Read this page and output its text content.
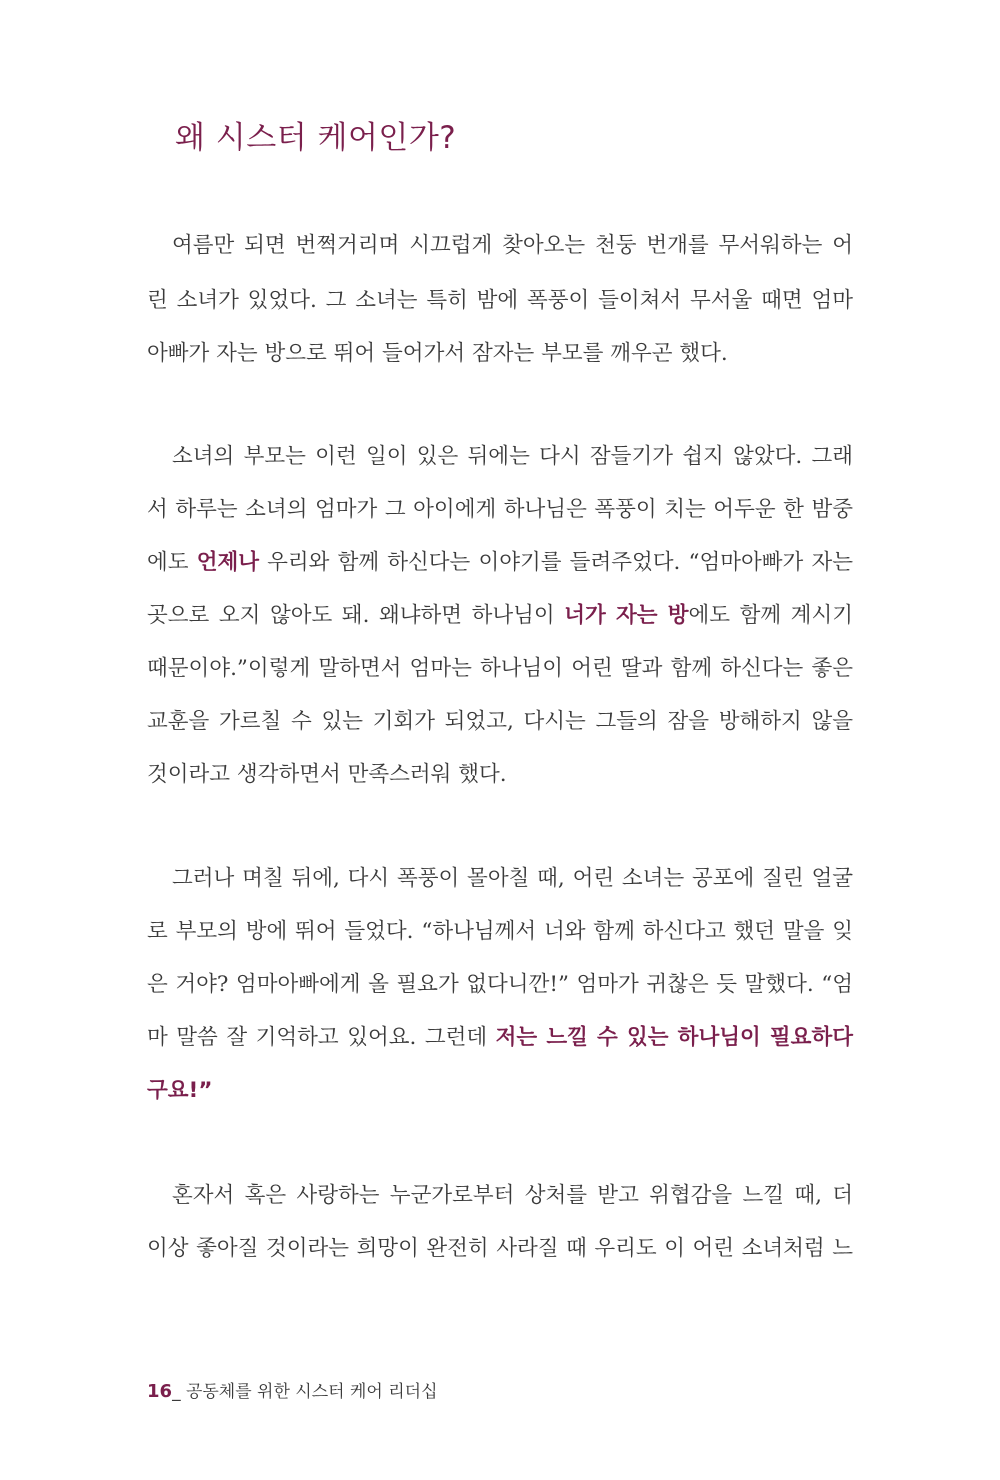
왜 시스터 케어인가?

여름만 되면 번쩍거리며 시끄럽게 찾아오는 천둥 번개를 무서워하는 어

린 소녀가 있었다. 그 소녀는 특히 밤에 폭풍이 들이쳐서 무서울 때면 엄마

아빠가 자는 방으로 뛰어 들어가서 잠자는 부모를 깨우곤 했다.

소녀의 부모는 이런 일이 있은 뒤에는 다시 잠들기가 쉽지 않았다. 그래

서 하루는 소녀의 엄마가 그 아이에게 하나님은 폭풍이 치는 어두운 한 밤중

에도 언제나 우리와 함께 하신다는 이야기를 들려주었다. “엄마아빠가 자는

곳으로 오지 않아도 돼. 왜냐하면 하나님이 너가 자는 방에도 함께 계시기

때문이야.”이렇게 말하면서 엄마는 하나님이 어린 딸과 함께 하신다는 좋은

교훈을 가르칠 수 있는 기회가 되었고, 다시는 그들의 잠을 방해하지 않을

것이라고 생각하면서 만족스러워 했다.

그러나 며칠 뒤에, 다시 폭풍이 몰아칠 때, 어린 소녀는 공포에 질린 얼굴

로 부모의 방에 뛰어 들었다. “하나님께서 너와 함께 하신다고 했던 말을 잊

은 거야? 엄마아빠에게 올 필요가 없다니깐!” 엄마가 귀찮은 듯 말했다. “엄

마 말씀 잘 기억하고 있어요. 그런데 저는 느낄 수 있는 하나님이 필요하다

구요!”

혼자서 혹은 사랑하는 누군가로부터 상처를 받고 위협감을 느낄 때, 더

이상 좋아질 것이라는 희망이 완전히 사라질 때 우리도 이 어린 소녀처럼 느

16_ 공동체를 위한 시스터 케어 리더십
